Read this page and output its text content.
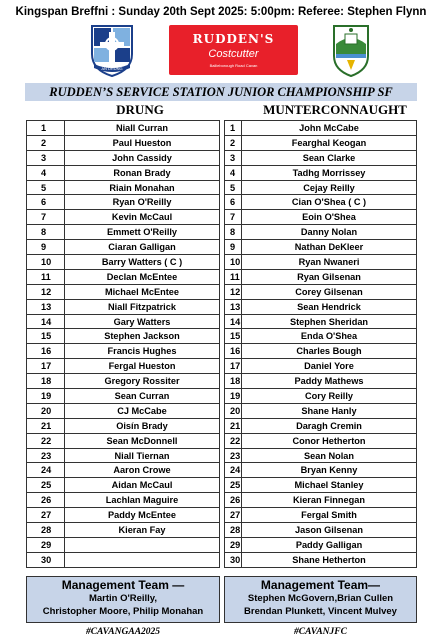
Kingspan Breffni : Sunday 20th Sept 2025: 5:00pm: Referee: Stephen Flynn
AN DRUNG
RUDDEN'S
Costcutter
Bailieborough Road Cavan
RUDDEN’S SERVICE STATION JUNIOR CHAMPIONSHIP SF
DRUNG	MUNTERCONNAUGHT
1	Niall Curran
2	Paul Hueston
3	John Cassidy
4	Ronan Brady
5	Riain Monahan
6	Ryan O'Reilly
7	Kevin McCaul
8	Emmett O'Reilly
9	Ciaran Galligan
10	Barry Watters ( C )
11	Declan McEntee
12	Michael McEntee
13	Niall Fitzpatrick
14	Gary Watters
15	Stephen Jackson
16	Francis Hughes
17	Fergal Hueston
18	Gregory Rossiter
19	Sean Curran
20	CJ McCabe
21	Oisín Brady
22	Sean McDonnell
23	Niall Tiernan
24	Aaron Crowe
25	Aidan McCaul
26	Lachlan Maguire
27	Paddy McEntee
28	Kieran Fay
29	
30	
1	John McCabe
2	Fearghal Keogan
3	Sean Clarke
4	Tadhg Morrissey
5	Cejay Reilly
6	Cian O'Shea ( C )
7	Eoin O'Shea
8	Danny Nolan
9	Nathan DeKleer
10	Ryan Nwaneri
11	Ryan Gilsenan
12	Corey Gilsenan
13	Sean Hendrick
14	Stephen Sheridan
15	Enda O'Shea
16	Charles Bough
17	Daniel Yore
18	Paddy Mathews
19	Cory Reilly
20	Shane Hanly
21	Daragh Cremin
22	Conor Hetherton
23	Sean Nolan
24	Bryan Kenny
25	Michael Stanley
26	Kieran Finnegan
27	Fergal Smith
28	Jason Gilsenan
29	Paddy Galligan
30	Shane Hetherton
Management Team —
Martin O'Reilly,
Christopher Moore, Philip Monahan
Management Team—
Stephen McGovern,Brian Cullen
Brendan Plunkett, Vincent Mulvey
#CAVANGAA2025	#CAVANJFC
